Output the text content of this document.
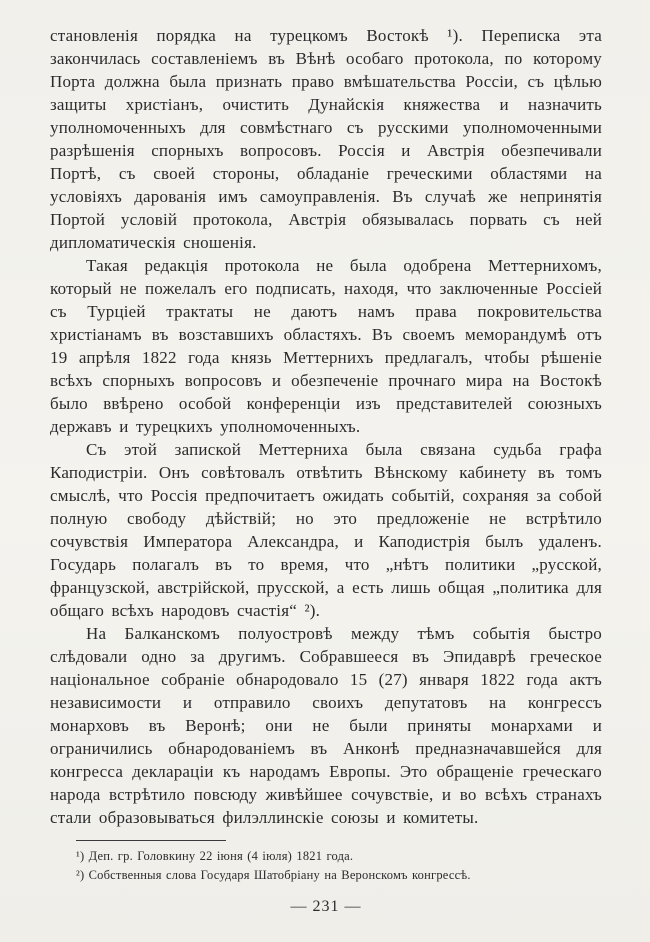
становленія порядка на турецкомъ Востокѣ ¹). Переписка эта закончилась составленіемъ въ Вѣнѣ особаго протокола, по которому Порта должна была признать право вмѣшательства Россіи, съ цѣлью защиты христіанъ, очистить Дунайскія княжества и назначить уполномоченныхъ для совмѣстнаго съ русскими уполномоченными разрѣшенія спорныхъ вопросовъ. Россія и Австрія обезпечивали Портѣ, съ своей стороны, обладаніе греческими областями на условіяхъ дарованія имъ самоуправленія. Въ случаѣ же непринятія Портой условій протокола, Австрія обязывалась порвать съ ней дипломатическія сношенія.

Такая редакція протокола не была одобрена Меттернихомъ, который не пожелалъ его подписать, находя, что заключенные Россіей съ Турціей трактаты не даютъ намъ права покровительства христіанамъ въ возставшихъ областяхъ. Въ своемъ меморандумѣ отъ 19 апрѣля 1822 года князь Меттернихъ предлагалъ, чтобы рѣшеніе всѣхъ спорныхъ вопросовъ и обезпеченіе прочнаго мира на Востокѣ было ввѣрено особой конференціи изъ представителей союзныхъ державъ и турецкихъ уполномоченныхъ.

Съ этой запиской Меттерниха была связана судьба графа Каподистріи. Онъ совѣтовалъ отвѣтить Вѣнскому кабинету въ томъ смыслѣ, что Россія предпочитаетъ ожидать событій, сохраняя за собой полную свободу дѣйствій; но это предложеніе не встрѣтило сочувствія Императора Александра, и Каподистрія былъ удаленъ. Государь полагалъ въ то время, что „нѣтъ политики „русской, французской, австрійской, прусской, а есть лишь общая „политика для общаго всѣхъ народовъ счастія“ ²).

На Балканскомъ полуостровѣ между тѣмъ событія быстро слѣдовали одно за другимъ. Собравшееся въ Эпидаврѣ греческое національное собраніе обнародовало 15 (27) января 1822 года актъ независимости и отправило своихъ депутатовъ на конгрессъ монарховъ въ Веронѣ; они не были приняты монархами и ограничились обнародованіемъ въ Анконѣ предназначавшейся для конгресса деклараціи къ народамъ Европы. Это обращеніе греческаго народа встрѣтило повсюду живѣйшее сочувствіе, и во всѣхъ странахъ стали образовываться филэллинскіе союзы и комитеты.

¹) Деп. гр. Головкину 22 іюня (4 іюля) 1821 года.

²) Собственныя слова Государя Шатобріану на Веронскомъ конгрессѣ.

— 231 —
